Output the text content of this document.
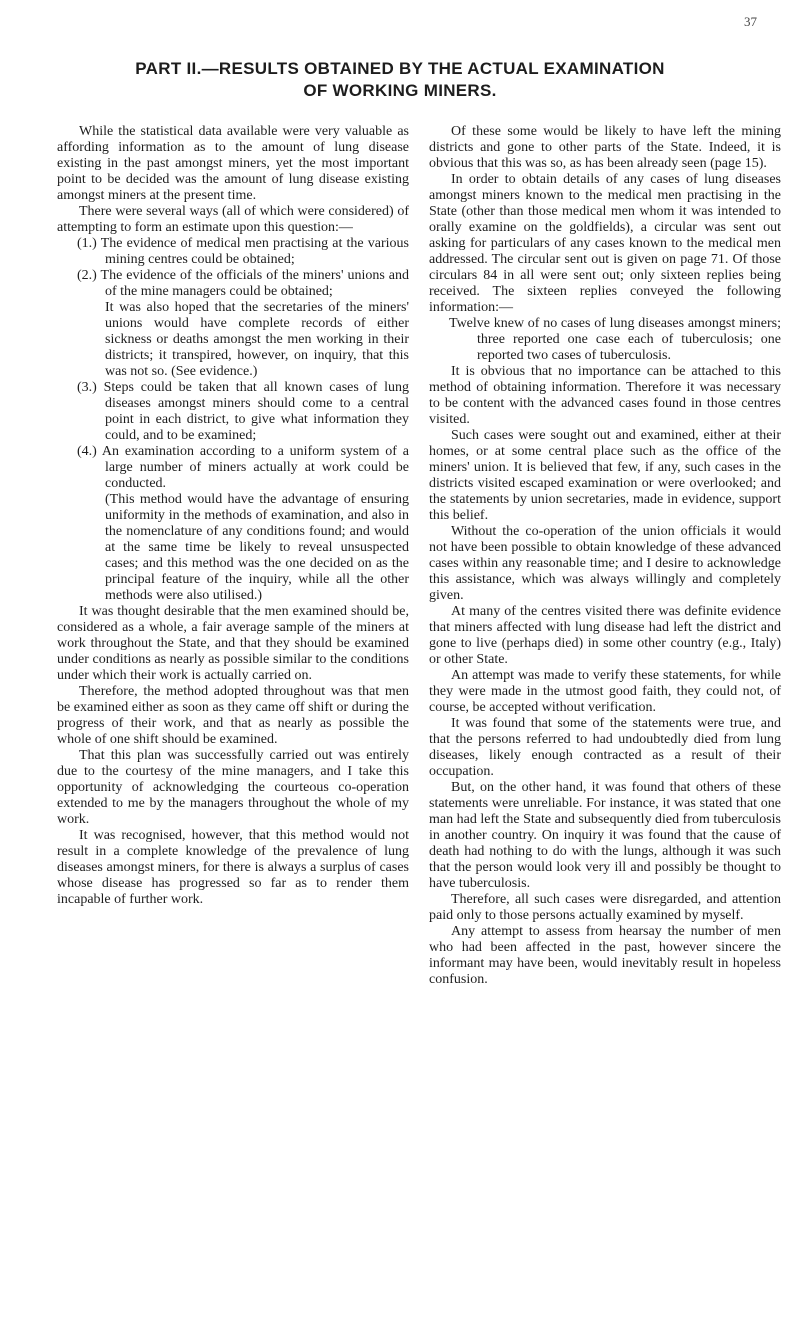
37
PART II.—RESULTS OBTAINED BY THE ACTUAL EXAMINATION
OF WORKING MINERS.

While the statistical data available were very valuable as affording information as to the amount of lung disease existing in the past amongst miners, yet the most important point to be decided was the amount of lung disease existing amongst miners at the present time.

There were several ways (all of which were considered) of attempting to form an estimate upon this question:—

(1.) The evidence of medical men practising at the various mining centres could be obtained;

(2.) The evidence of the officials of the miners' unions and of the mine managers could be obtained;

It was also hoped that the secretaries of the miners' unions would have complete records of either sickness or deaths amongst the men working in their districts; it transpired, however, on inquiry, that this was not so. (See evidence.)

(3.) Steps could be taken that all known cases of lung diseases amongst miners should come to a central point in each district, to give what information they could, and to be examined;

(4.) An examination according to a uniform system of a large number of miners actually at work could be conducted.

(This method would have the advantage of ensuring uniformity in the methods of examination, and also in the nomenclature of any conditions found; and would at the same time be likely to reveal unsuspected cases; and this method was the one decided on as the principal feature of the inquiry, while all the other methods were also utilised.)

It was thought desirable that the men examined should be, considered as a whole, a fair average sample of the miners at work throughout the State, and that they should be examined under conditions as nearly as possible similar to the conditions under which their work is actually carried on.

Therefore, the method adopted throughout was that men be examined either as soon as they came off shift or during the progress of their work, and that as nearly as possible the whole of one shift should be examined.

That this plan was successfully carried out was entirely due to the courtesy of the mine managers, and I take this opportunity of acknowledging the courteous co-operation extended to me by the managers throughout the whole of my work.

It was recognised, however, that this method would not result in a complete knowledge of the prevalence of lung diseases amongst miners, for there is always a surplus of cases whose disease has progressed so far as to render them incapable of further work.

Of these some would be likely to have left the mining districts and gone to other parts of the State. Indeed, it is obvious that this was so, as has been already seen (page 15).

In order to obtain details of any cases of lung diseases amongst miners known to the medical men practising in the State (other than those medical men whom it was intended to orally examine on the goldfields), a circular was sent out asking for particulars of any cases known to the medical men addressed. The circular sent out is given on page 71. Of those circulars 84 in all were sent out; only sixteen replies being received. The sixteen replies conveyed the following information:—

Twelve knew of no cases of lung diseases amongst miners; three reported one case each of tuberculosis; one reported two cases of tuberculosis.

It is obvious that no importance can be attached to this method of obtaining information. Therefore it was necessary to be content with the advanced cases found in those centres visited.

Such cases were sought out and examined, either at their homes, or at some central place such as the office of the miners' union. It is believed that few, if any, such cases in the districts visited escaped examination or were overlooked; and the statements by union secretaries, made in evidence, support this belief.

Without the co-operation of the union officials it would not have been possible to obtain knowledge of these advanced cases within any reasonable time; and I desire to acknowledge this assistance, which was always willingly and completely given.

At many of the centres visited there was definite evidence that miners affected with lung disease had left the district and gone to live (perhaps died) in some other country (e.g., Italy) or other State.

An attempt was made to verify these statements, for while they were made in the utmost good faith, they could not, of course, be accepted without verification.

It was found that some of the statements were true, and that the persons referred to had undoubtedly died from lung diseases, likely enough contracted as a result of their occupation.

But, on the other hand, it was found that others of these statements were unreliable. For instance, it was stated that one man had left the State and subsequently died from tuberculosis in another country. On inquiry it was found that the cause of death had nothing to do with the lungs, although it was such that the person would look very ill and possibly be thought to have tuberculosis.

Therefore, all such cases were disregarded, and attention paid only to those persons actually examined by myself.

Any attempt to assess from hearsay the number of men who had been affected in the past, however sincere the informant may have been, would inevitably result in hopeless confusion.
